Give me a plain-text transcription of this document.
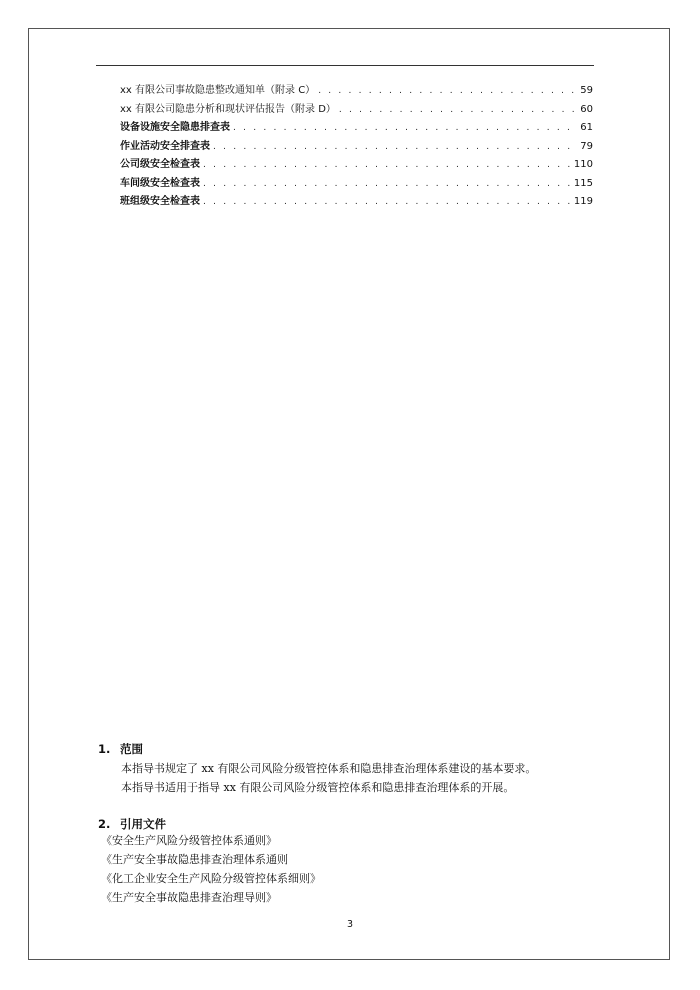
xx 有限公司事故隐患整改通知单（附录 C） . . .	59
xx 有限公司隐患分析和现状评估报告（附录 D） . . .	60
设备设施安全隐患排查表 . . .	61
作业活动安全排查表 . . .	79
公司级安全检查表 . . .	110
车间级安全检查表 . . .	115
班组级安全检查表 . . .	119
1. 范围
本指导书规定了 xx 有限公司风险分级管控体系和隐患排查治理体系建设的基本要求。
本指导书适用于指导 xx 有限公司风险分级管控体系和隐患排查治理体系的开展。
2. 引用文件
《安全生产风险分级管控体系通则》
《生产安全事故隐患排查治理体系通则
《化工企业安全生产风险分级管控体系细则》
《生产安全事故隐患排查治理导则》
3
